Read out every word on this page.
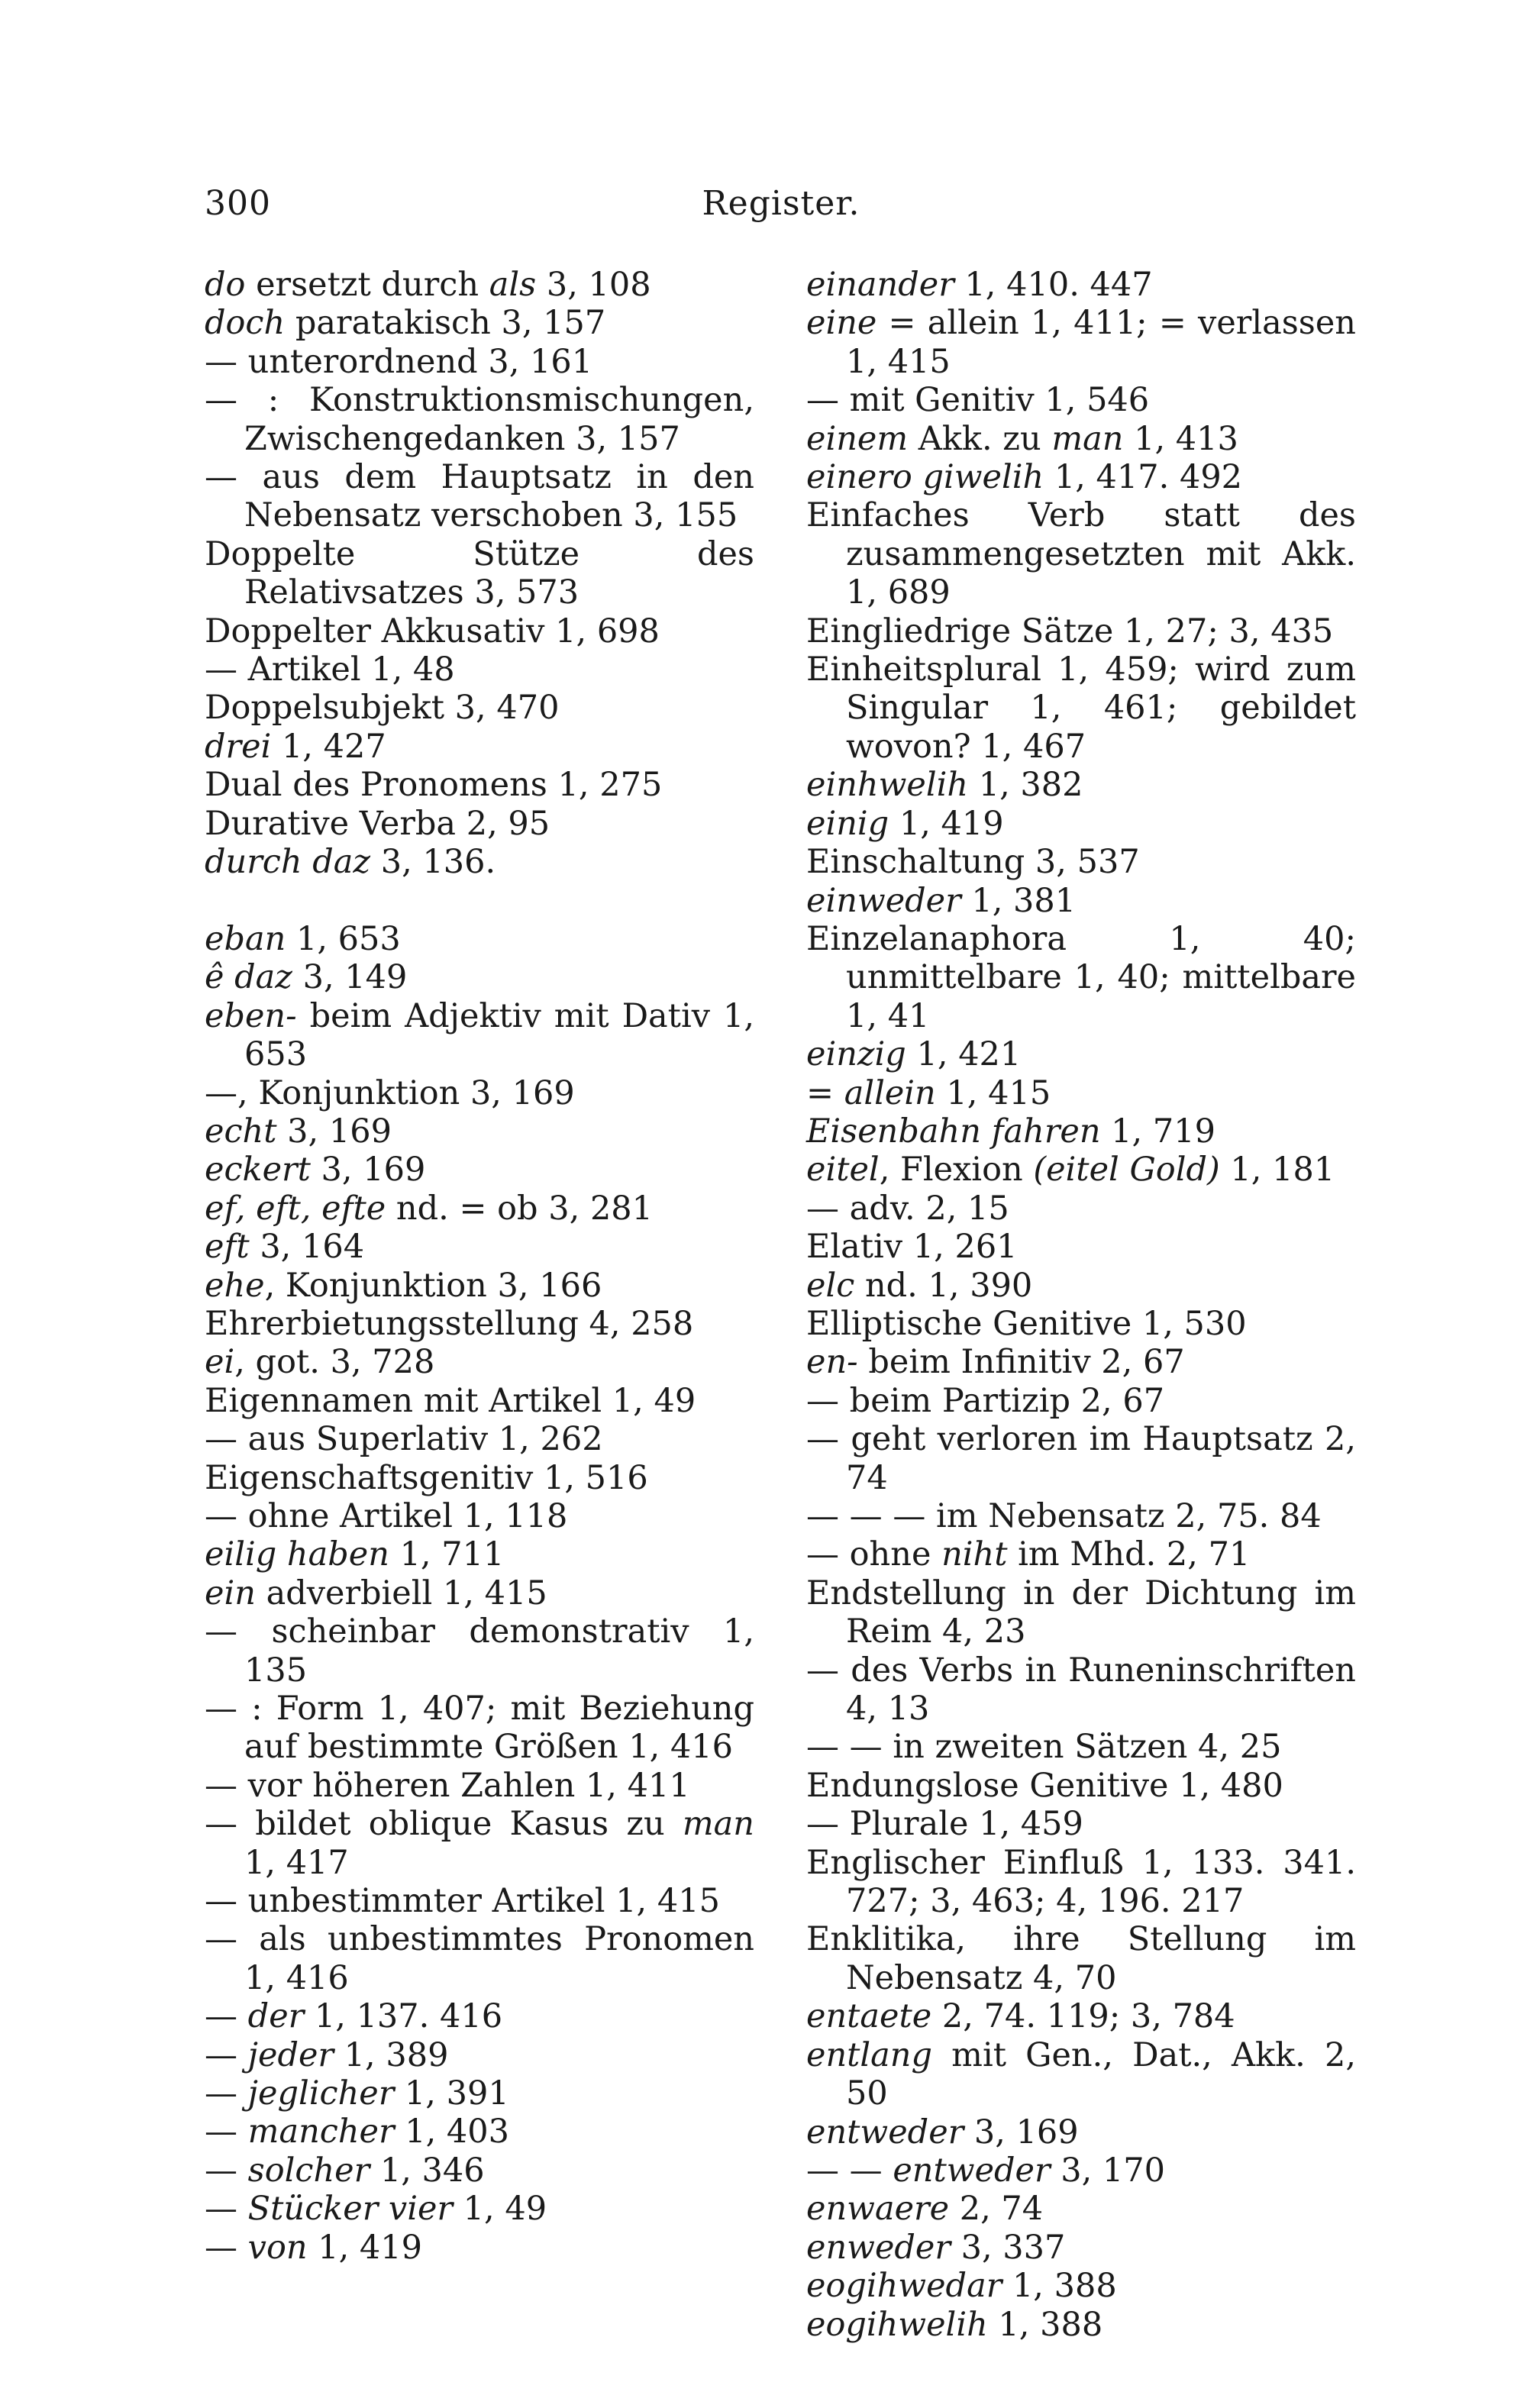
300	Register.
do ersetzt durch als 3, 108
doch paratakisch 3, 157
— unterordnend 3, 161
— : Konstruktionsmischungen, Zwischengedanken 3, 157
— aus dem Hauptsatz in den Nebensatz verschoben 3, 155
Doppelte Stütze des Relativsatzes 3, 573
Doppelter Akkusativ 1, 698
— Artikel 1, 48
Doppelsubjekt 3, 470
drei 1, 427
Dual des Pronomens 1, 275
Durative Verba 2, 95
durch daz 3, 136.
eban 1, 653
ê daz 3, 149
eben- beim Adjektiv mit Dativ 1, 653
—, Konjunktion 3, 169
echt 3, 169
eckert 3, 169
ef, eft, efte nd. = ob 3, 281
eft 3, 164
ehe, Konjunktion 3, 166
Ehrerbietungsstellung 4, 258
ei, got. 3, 728
Eigennamen mit Artikel 1, 49
— aus Superlativ 1, 262
Eigenschaftsgenitiv 1, 516
— ohne Artikel 1, 118
eilig haben 1, 711
ein adverbiell 1, 415
— scheinbar demonstrativ 1, 135
— : Form 1, 407; mit Beziehung auf bestimmte Größen 1, 416
— vor höheren Zahlen 1, 411
— bildet oblique Kasus zu man 1, 417
— unbestimmter Artikel 1, 415
— als unbestimmtes Pronomen 1, 416
— der 1, 137. 416
— jeder 1, 389
— jeglicher 1, 391
— mancher 1, 403
— solcher 1, 346
— Stücker vier 1, 49
— von 1, 419
einander 1, 410. 447
eine = allein 1, 411; = verlassen 1, 415
— mit Genitiv 1, 546
einem Akk. zu man 1, 413
einero giwelih 1, 417. 492
Einfaches Verb statt des zusammengesetzten mit Akk. 1, 689
Eingliedrige Sätze 1, 27; 3, 435
Einheitsplural 1, 459; wird zum Singular 1, 461; gebildet wovon? 1, 467
einhwelih 1, 382
einig 1, 419
Einschaltung 3, 537
einweder 1, 381
Einzelanaphora 1, 40; unmittelbare 1, 40; mittelbare 1, 41
einzig 1, 421
= allein 1, 415
Eisenbahn fahren 1, 719
eitel, Flexion (eitel Gold) 1, 181
— adv. 2, 15
Elativ 1, 261
elc nd. 1, 390
Elliptische Genitive 1, 530
en- beim Infinitiv 2, 67
— beim Partizip 2, 67
— geht verloren im Hauptsatz 2, 74
— — — im Nebensatz 2, 75. 84
— ohne niht im Mhd. 2, 71
Endstellung in der Dichtung im Reim 4, 23
— des Verbs in Runeninschriften 4, 13
— — in zweiten Sätzen 4, 25
Endungslose Genitive 1, 480
— Plurale 1, 459
Englischer Einfluß 1, 133. 341. 727; 3, 463; 4, 196. 217
Enklitika, ihre Stellung im Nebensatz 4, 70
entaete 2, 74. 119; 3, 784
entlang mit Gen., Dat., Akk. 2, 50
entweder 3, 169
— — entweder 3, 170
enwaere 2, 74
enweder 3, 337
eogihwedar 1, 388
eogihwelih 1, 388
